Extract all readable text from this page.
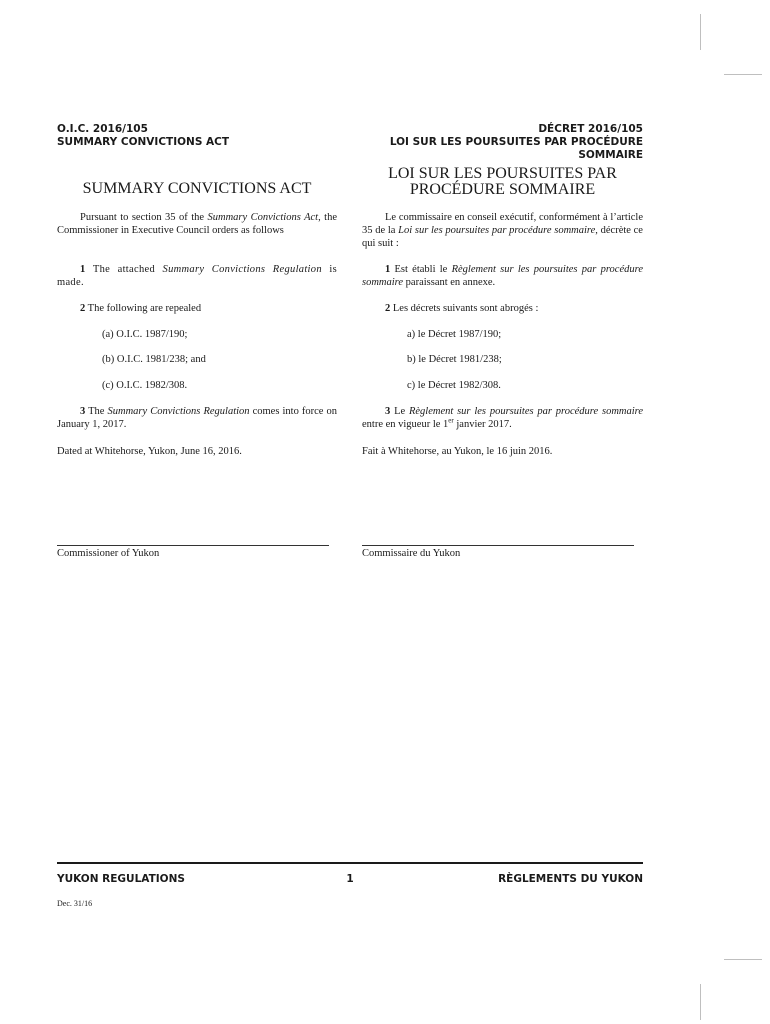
O.I.C. 2016/105
SUMMARY CONVICTIONS ACT
DÉCRET 2016/105
LOI SUR LES POURSUITES PAR PROCÉDURE
SOMMAIRE
SUMMARY CONVICTIONS ACT
LOI SUR LES POURSUITES PAR
PROCÉDURE SOMMAIRE
Pursuant to section 35 of the Summary Convictions Act, the Commissioner in Executive Council orders as follows
1 The attached Summary Convictions Regulation is made.
2 The following are repealed
(a) O.I.C. 1987/190;
(b) O.I.C. 1981/238; and
(c) O.I.C. 1982/308.
3 The Summary Convictions Regulation comes into force on January 1, 2017.
Dated at Whitehorse, Yukon, June 16, 2016.
Commissioner of Yukon
Le commissaire en conseil exécutif, conformément à l’article 35 de la Loi sur les poursuites par procédure sommaire, décrète ce qui suit :
1 Est établi le Règlement sur les poursuites par procédure sommaire paraissant en annexe.
2 Les décrets suivants sont abrogés :
a) le Décret 1987/190;
b) le Décret 1981/238;
c) le Décret 1982/308.
3 Le Règlement sur les poursuites par procédure sommaire entre en vigueur le 1er janvier 2017.
Fait à Whitehorse, au Yukon, le 16 juin 2016.
Commissaire du Yukon
YUKON REGULATIONS	1	RÈGLEMENTS DU YUKON
Dec. 31/16
